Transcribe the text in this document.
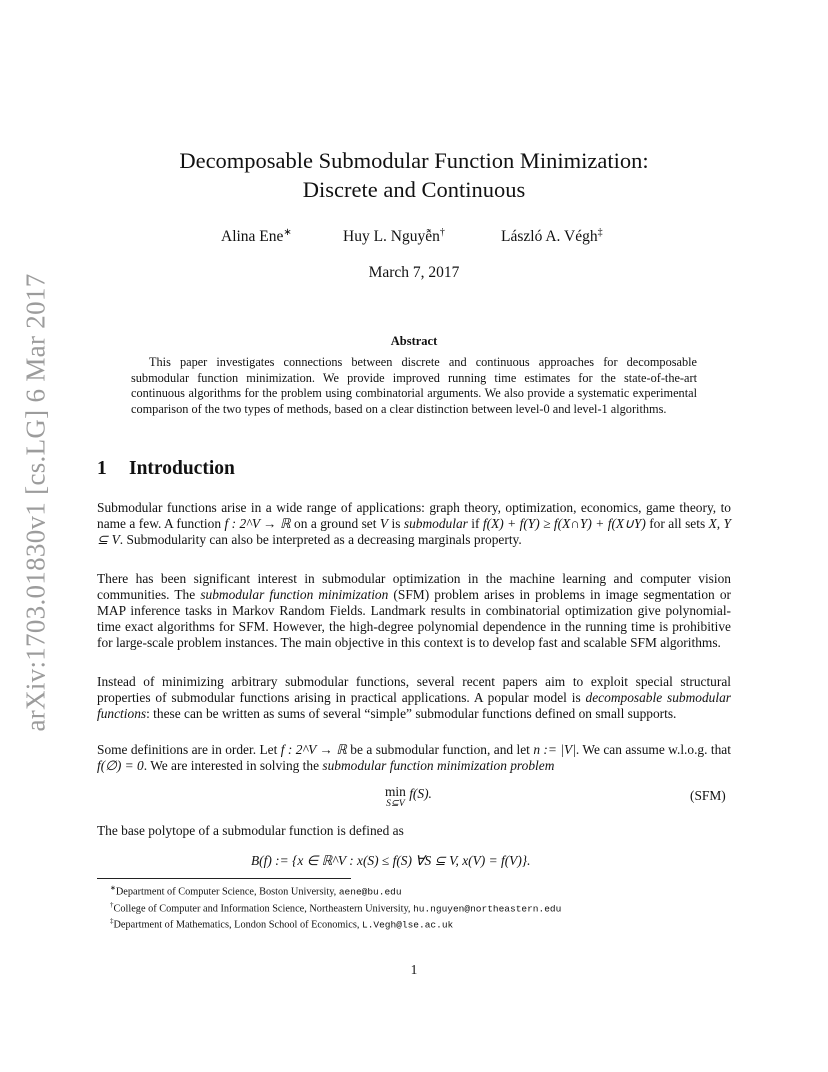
arXiv:1703.01830v1 [cs.LG] 6 Mar 2017
Decomposable Submodular Function Minimization:
Discrete and Continuous
Alina Ene∗	Huy L. Nguyễn†	László A. Végh‡
March 7, 2017
Abstract
This paper investigates connections between discrete and continuous approaches for decomposable submodular function minimization. We provide improved running time estimates for the state-of-the-art continuous algorithms for the problem using combinatorial arguments. We also provide a systematic experimental comparison of the two types of methods, based on a clear distinction between level-0 and level-1 algorithms.
1 Introduction
Submodular functions arise in a wide range of applications: graph theory, optimization, economics, game theory, to name a few. A function f : 2^V → ℝ on a ground set V is submodular if f(X) + f(Y) ≥ f(X∩Y) + f(X∪Y) for all sets X, Y ⊆ V. Submodularity can also be interpreted as a decreasing marginals property.
There has been significant interest in submodular optimization in the machine learning and computer vision communities. The submodular function minimization (SFM) problem arises in problems in image segmentation or MAP inference tasks in Markov Random Fields. Landmark results in combinatorial optimization give polynomial-time exact algorithms for SFM. However, the high-degree polynomial dependence in the running time is prohibitive for large-scale problem instances. The main objective in this context is to develop fast and scalable SFM algorithms.
Instead of minimizing arbitrary submodular functions, several recent papers aim to exploit special structural properties of submodular functions arising in practical applications. A popular model is decomposable submodular functions: these can be written as sums of several “simple” submodular functions defined on small supports.
Some definitions are in order. Let f : 2^V → ℝ be a submodular function, and let n := |V|. We can assume w.l.o.g. that f(∅) = 0. We are interested in solving the submodular function minimization problem
min
S⊆V
f(S).	(SFM)
The base polytope of a submodular function is defined as
B(f) := {x ∈ ℝ^V : x(S) ≤ f(S) ∀S ⊆ V, x(V) = f(V)}.
∗Department of Computer Science, Boston University, aene@bu.edu
†College of Computer and Information Science, Northeastern University, hu.nguyen@northeastern.edu
‡Department of Mathematics, London School of Economics, L.Vegh@lse.ac.uk
1
